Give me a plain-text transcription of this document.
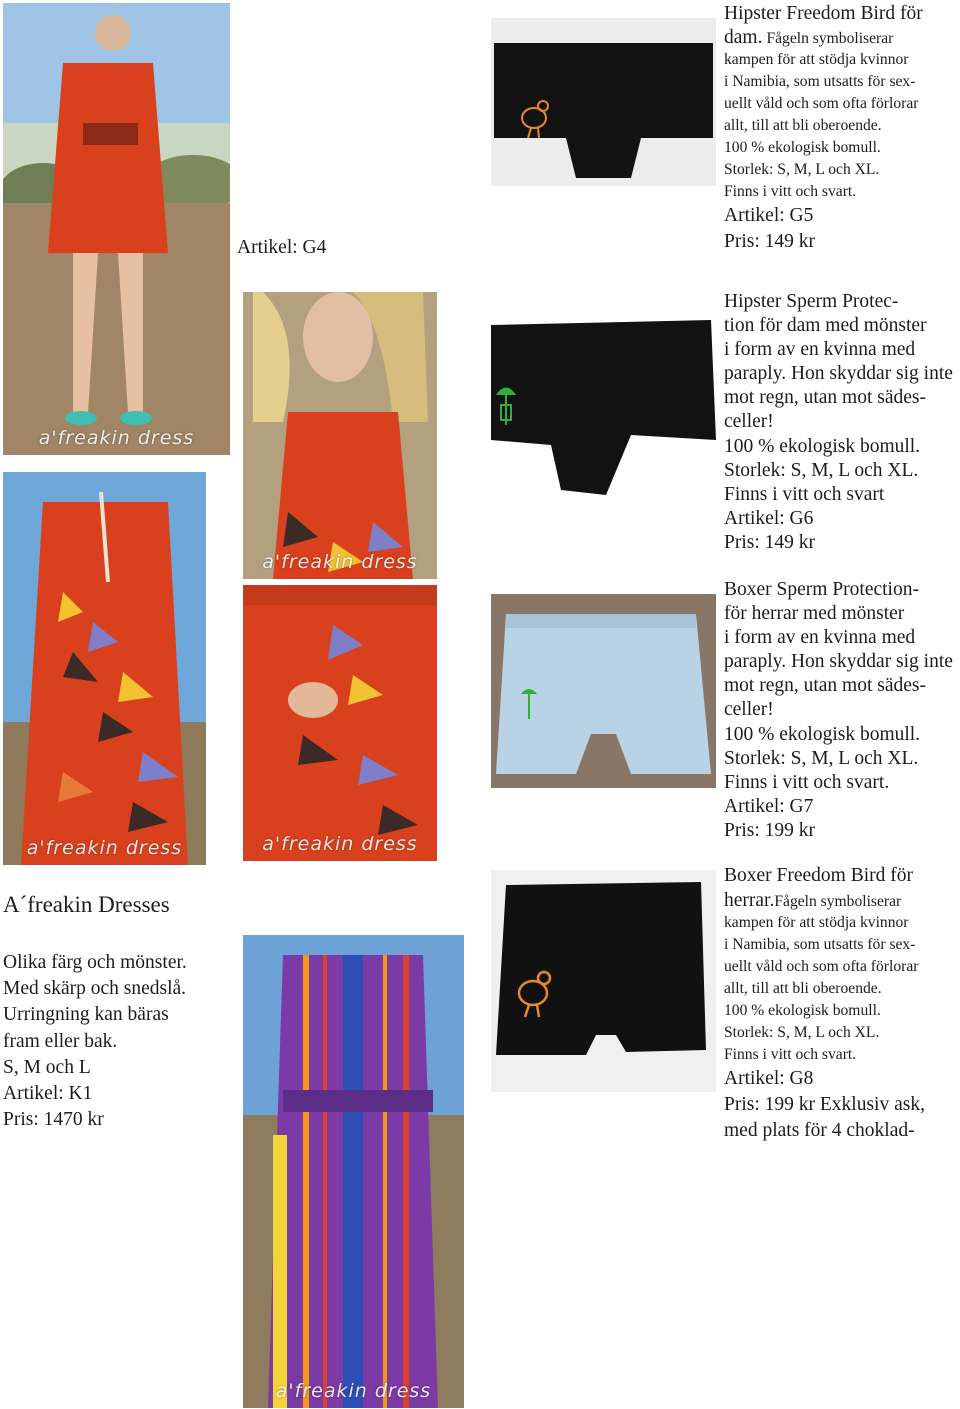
a'freakin dress
a'freakin dress
Artikel: G4
a'freakin dress
a'freakin dress
a'freakin dress
A´freakin Dresses
Olika färg och mönster.
Med skärp och snedslå.
Urringning kan bäras
fram eller bak.
S, M och L
Artikel: K1
Pris: 1470 kr
Hipster Freedom Bird för
dam. Fågeln symboliserar
kampen för att stödja kvinnor
i Namibia, som utsatts för sex-
uellt våld och som ofta förlorar
allt, till att bli oberoende.
100 % ekologisk bomull.
Storlek: S, M, L och XL.
Finns i vitt och svart.
Artikel: G5
Pris: 149 kr
Hipster Sperm Protec-
tion för dam med mönster
i form av en kvinna med
paraply. Hon skyddar sig inte
mot regn, utan mot sädes-
celler!
100 % ekologisk bomull.
Storlek: S, M, L och XL.
Finns i vitt och svart
Artikel: G6
Pris: 149 kr
Boxer Sperm Protection-
för herrar med mönster
i form av en kvinna med
paraply. Hon skyddar sig inte
mot regn, utan mot sädes-
celler!
100 % ekologisk bomull.
Storlek: S, M, L och XL.
Finns i vitt och svart.
Artikel: G7
Pris: 199 kr
Boxer Freedom Bird för
herrar.Fågeln symboliserar
kampen för att stödja kvinnor
i Namibia, som utsatts för sex-
uellt våld och som ofta förlorar
allt, till att bli oberoende.
100 % ekologisk bomull.
Storlek: S, M, L och XL.
Finns i vitt och svart.
Artikel: G8
Pris: 199 kr Exklusiv ask,
med plats för 4 choklad-
